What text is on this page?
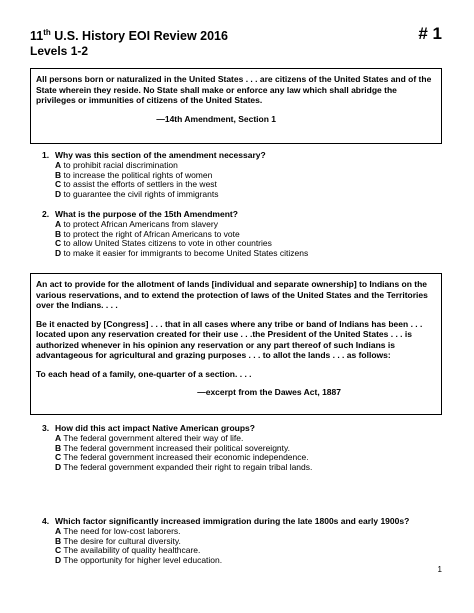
11th U.S. History EOI Review 2016	# 1
Levels 1-2

All persons born or naturalized in the United States . . . are citizens of the United States and of the State wherein they reside. No State shall make or enforce any law which shall abridge the privileges or immunities of citizens of the United States.

—14th Amendment, Section 1

1. Why was this section of the amendment necessary?
A to prohibit racial discrimination
B to increase the political rights of women
C to assist the efforts of settlers in the west
D to guarantee the civil rights of immigrants
2. What is the purpose of the 15th Amendment?
A to protect African Americans from slavery
B to protect the right of African Americans to vote
C to allow United States citizens to vote in other countries
D to make it easier for immigrants to become United States citizens

An act to provide for the allotment of lands [individual and separate ownership] to Indians on the various reservations, and to extend the protection of laws of the United States and the Territories over the Indians. . . .

Be it enacted by [Congress] . . . that in all cases where any tribe or band of Indians has been . . . located upon any reservation created for their use . . .the President of the United States . . . is authorized whenever in his opinion any reservation or any part thereof of such Indians is advantageous for agricultural and grazing purposes . . . to allot the lands . . . as follows:

To each head of a family, one-quarter of a section. . . .

—excerpt from the Dawes Act, 1887

3. How did this act impact Native American groups?
A The federal government altered their way of life.
B The federal government increased their political sovereignty.
C The federal government increased their economic independence.
D The federal government expanded their right to regain tribal lands.
4. Which factor significantly increased immigration during the late 1800s and early 1900s?
A The need for low-cost laborers.
B The desire for cultural diversity.
C The availability of quality healthcare.
D The opportunity for higher level education.
1
